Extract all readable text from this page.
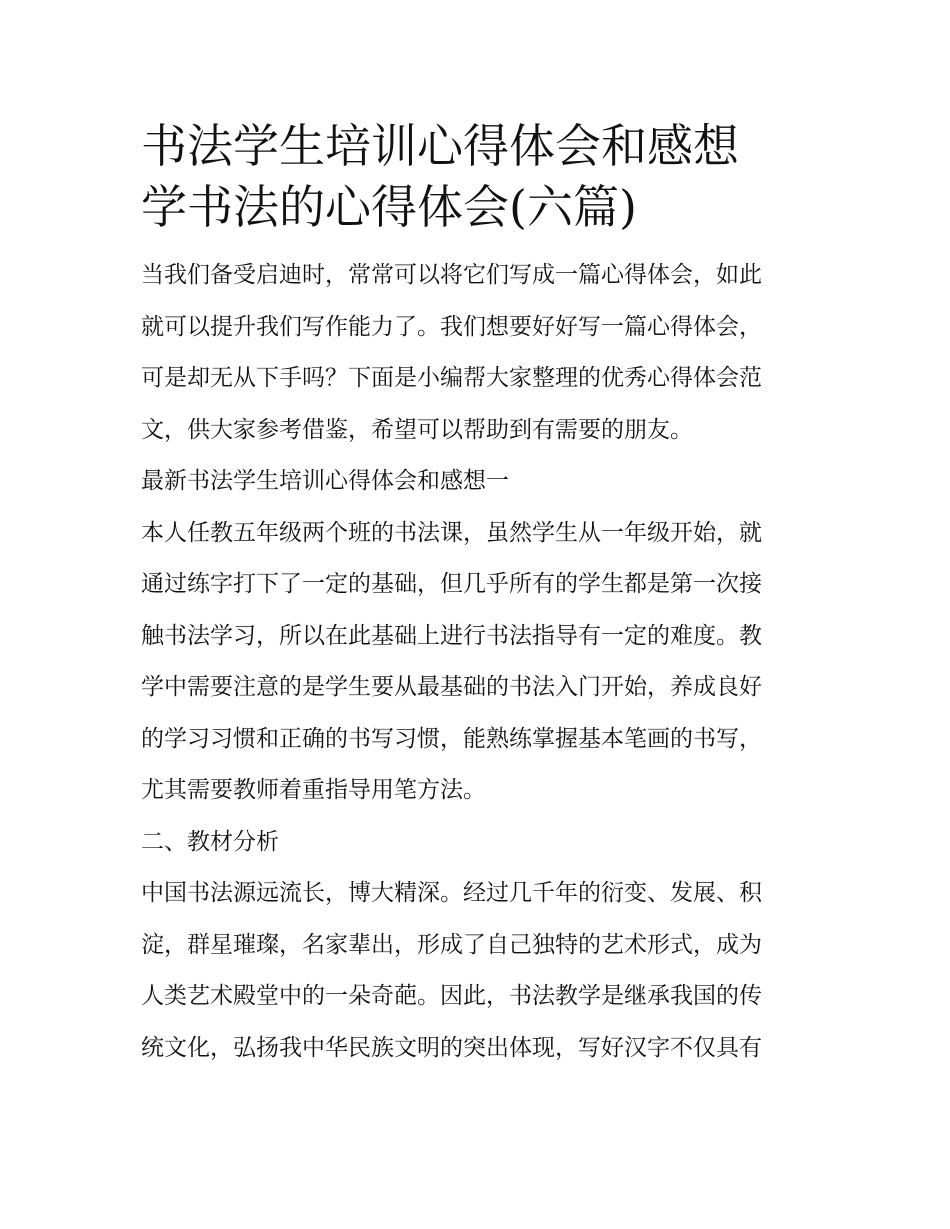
书法学生培训心得体会和感想
学书法的心得体会(六篇)
当我们备受启迪时，常常可以将它们写成一篇心得体会，如此
就可以提升我们写作能力了。我们想要好好写一篇心得体会，
可是却无从下手吗？下面是小编帮大家整理的优秀心得体会范
文，供大家参考借鉴，希望可以帮助到有需要的朋友。
最新书法学生培训心得体会和感想一
本人任教五年级两个班的书法课，虽然学生从一年级开始，就
通过练字打下了一定的基础，但几乎所有的学生都是第一次接
触书法学习，所以在此基础上进行书法指导有一定的难度。教
学中需要注意的是学生要从最基础的书法入门开始，养成良好
的学习习惯和正确的书写习惯，能熟练掌握基本笔画的书写，
尤其需要教师着重指导用笔方法。
二、教材分析
中国书法源远流长，博大精深。经过几千年的衍变、发展、积
淀，群星璀璨，名家辈出，形成了自己独特的艺术形式，成为
人类艺术殿堂中的一朵奇葩。因此，书法教学是继承我国的传
统文化，弘扬我中华民族文明的突出体现，写好汉字不仅具有
